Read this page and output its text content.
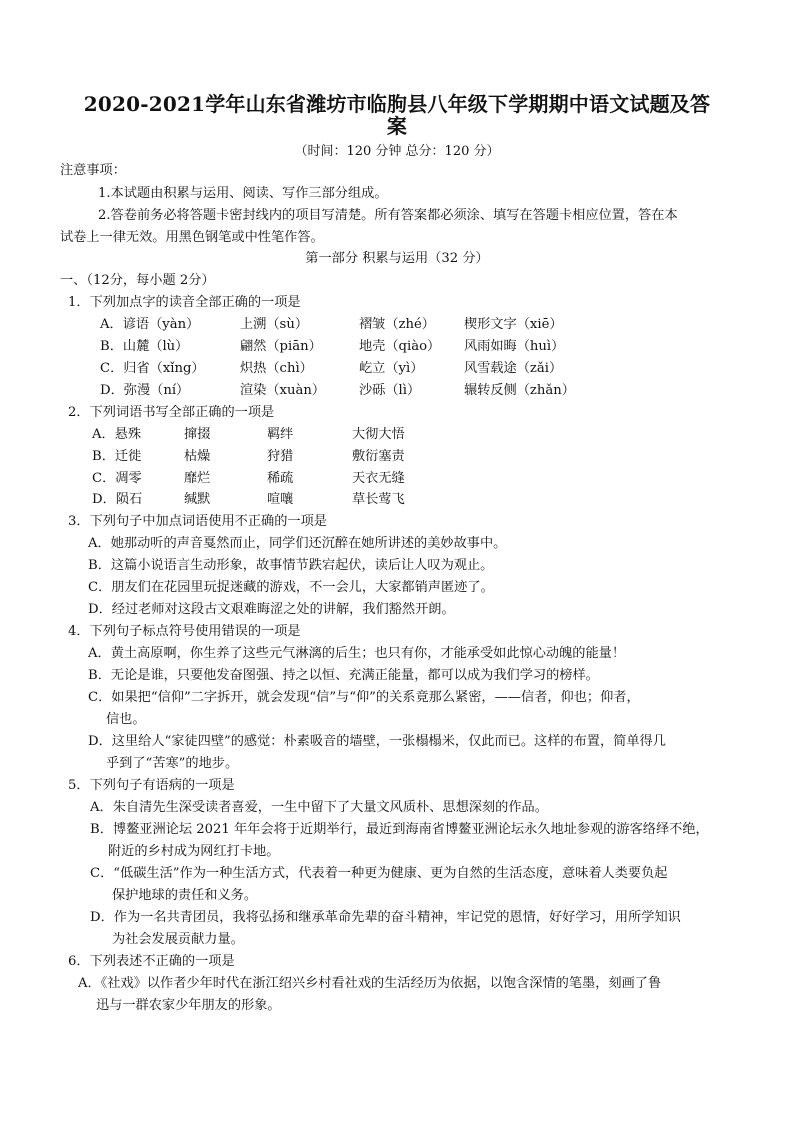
2020-2021学年山东省潍坊市临朐县八年级下学期期中语文试题及答
案
（时间：120 分钟 总分：120 分）
注意事项：
1.本试题由积累与运用、阅读、写作三部分组成。
2.答卷前务必将答题卡密封线内的项目写清楚。所有答案都必须涂、填写在答题卡相应位置，答在本
试卷上一律无效。用黑色钢笔或中性笔作答。
第一部分 积累与运用（32 分）
一、（12分，每小题 2分）
1．下列加点字的读音全部正确的一项是
A．谚语（yàn）	上溯（sù）	褶皱（zhé） 楔形文字（xiē）
B．山麓（lù）	翩然（piān）	地壳（qiào） 风雨如晦（huì）
C．归省（xǐng）	炽热（chì）	屹立（yì）	风雪载途（zǎi）
D．弥漫（ní）	渲染（xuàn）	沙砾（lì）	辗转反侧（zhǎn）
2．下列词语书写全部正确的一项是
A．悬殊	撺掇	羁绊	大彻大悟
B．迁徙	枯燥	狩猎	敷衍塞责
C．凋零	靡烂	稀疏	天衣无缝
D．陨石	缄默	喧嚷	草长莺飞
3．下列句子中加点词语使用不正确的一项是
A．她那动听的声音戛然而止，同学们还沉醉在她所讲述的美妙故事中。
B．这篇小说语言生动形象，故事情节跌宕起伏，读后让人叹为观止。
C．朋友们在花园里玩捉迷藏的游戏，不一会儿，大家都销声匿迹了。
D．经过老师对这段古文艰难晦涩之处的讲解，我们豁然开朗。
4．下列句子标点符号使用错误的一项是
A．黄土高原啊，你生养了这些元气淋漓的后生；也只有你，才能承受如此惊心动魄的能量！
B．无论是谁，只要他发奋图强、持之以恒、充满正能量，都可以成为我们学习的榜样。
C．如果把“信仰”二字拆开，就会发现“信”与“仰”的关系竟那么紧密，——信者，仰也；仰者，
信也。
D．这里给人“家徒四壁”的感觉：朴素吸音的墙壁，一张榻榻米，仅此而已。这样的布置，简单得几
乎到了“苦寒”的地步。
5．下列句子有语病的一项是
A．朱自清先生深受读者喜爱，一生中留下了大量文风质朴、思想深刻的作品。
B．博鳌亚洲论坛 2021 年年会将于近期举行，最近到海南省博鳌亚洲论坛永久地址参观的游客络绎不绝，
附近的乡村成为网红打卡地。
C．“低碳生活”作为一种生活方式，代表着一种更为健康、更为自然的生活态度，意味着人类要负起
保护地球的责任和义务。
D．作为一名共青团员，我将弘扬和继承革命先辈的奋斗精神，牢记党的恩情，好好学习，用所学知识
为社会发展贡献力量。
6．下列表述不正确的一项是
A．《社戏》以作者少年时代在浙江绍兴乡村看社戏的生活经历为依据，以饱含深情的笔墨，刻画了鲁
迅与一群农家少年朋友的形象。
